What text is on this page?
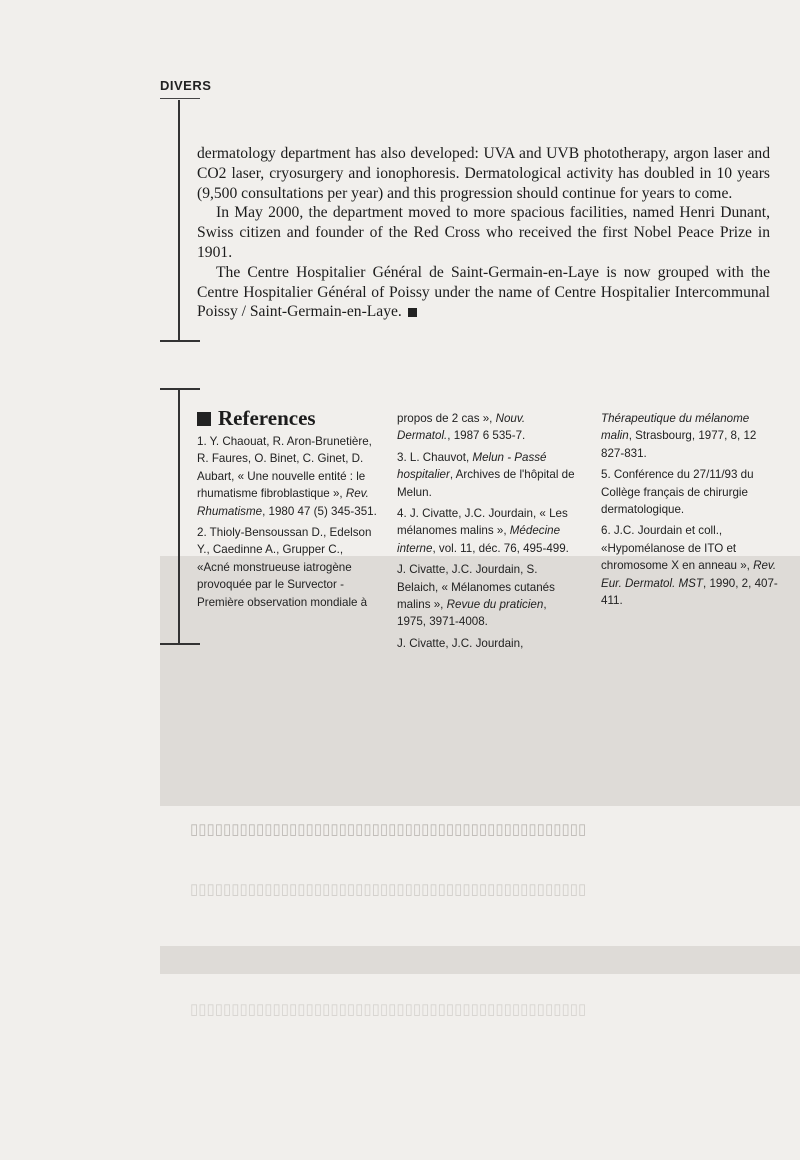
▯▯▯▯▯▯▯▯▯▯▯▯▯▯▯▯▯▯▯▯▯▯▯▯▯▯▯▯▯▯▯▯▯▯▯▯▯▯▯▯▯▯▯▯▯▯▯▯
▯▯▯▯▯▯▯▯▯▯▯▯▯▯▯▯▯▯▯▯▯▯▯▯▯▯▯▯▯▯▯▯▯▯▯▯▯▯▯▯▯▯▯▯▯▯▯▯
▯▯▯▯▯▯▯▯▯▯▯▯▯▯▯▯▯▯▯▯▯▯▯▯▯▯▯▯▯▯▯▯▯▯▯▯▯▯▯▯▯▯▯▯▯▯▯▯
DIVERS

dermatology department has also developed: UVA and UVB phototherapy, argon laser and CO2 laser, cryosurgery and ionophoresis. Dermatological activity has doubled in 10 years (9,500 consultations per year) and this progression should continue for years to come.

In May 2000, the department moved to more spacious facilities, named Henri Dunant, Swiss citizen and founder of the Red Cross who received the first Nobel Peace Prize in 1901.

The Centre Hospitalier Général de Saint-Germain-en-Laye is now grouped with the Centre Hospitalier Général of Poissy under the name of Centre Hospitalier Intercommunal Poissy / Saint-Germain-en-Laye.

References

1. Y. Chaouat, R. Aron-Brunetière, R. Faures, O. Binet, C. Ginet, D. Aubart, « Une nouvelle entité : le rhumatisme fibroblastique », Rev. Rhumatisme, 1980 47 (5) 345-351.

2. Thioly-Bensoussan D., Edelson Y., Caedinne A., Grupper C., «Acné monstrueuse iatrogène provoquée par le Survector - Première observation mondiale à

propos de 2 cas », Nouv. Dermatol., 1987 6 535-7.

3. L. Chauvot, Melun - Passé hospitalier, Archives de l'hôpital de Melun.

4. J. Civatte, J.C. Jourdain, « Les mélanomes malins », Médecine interne, vol. 11, déc. 76, 495-499.

J. Civatte, J.C. Jourdain, S. Belaich, « Mélanomes cutanés malins », Revue du praticien, 1975, 3971-4008.

J. Civatte, J.C. Jourdain,

Thérapeutique du mélanome malin, Strasbourg, 1977, 8, 12 827-831.

5. Conférence du 27/11/93 du Collège français de chirurgie dermatologique.

6. J.C. Jourdain et coll., «Hypomélanose de ITO et chromosome X en anneau », Rev. Eur. Dermatol. MST, 1990, 2, 407-411.
